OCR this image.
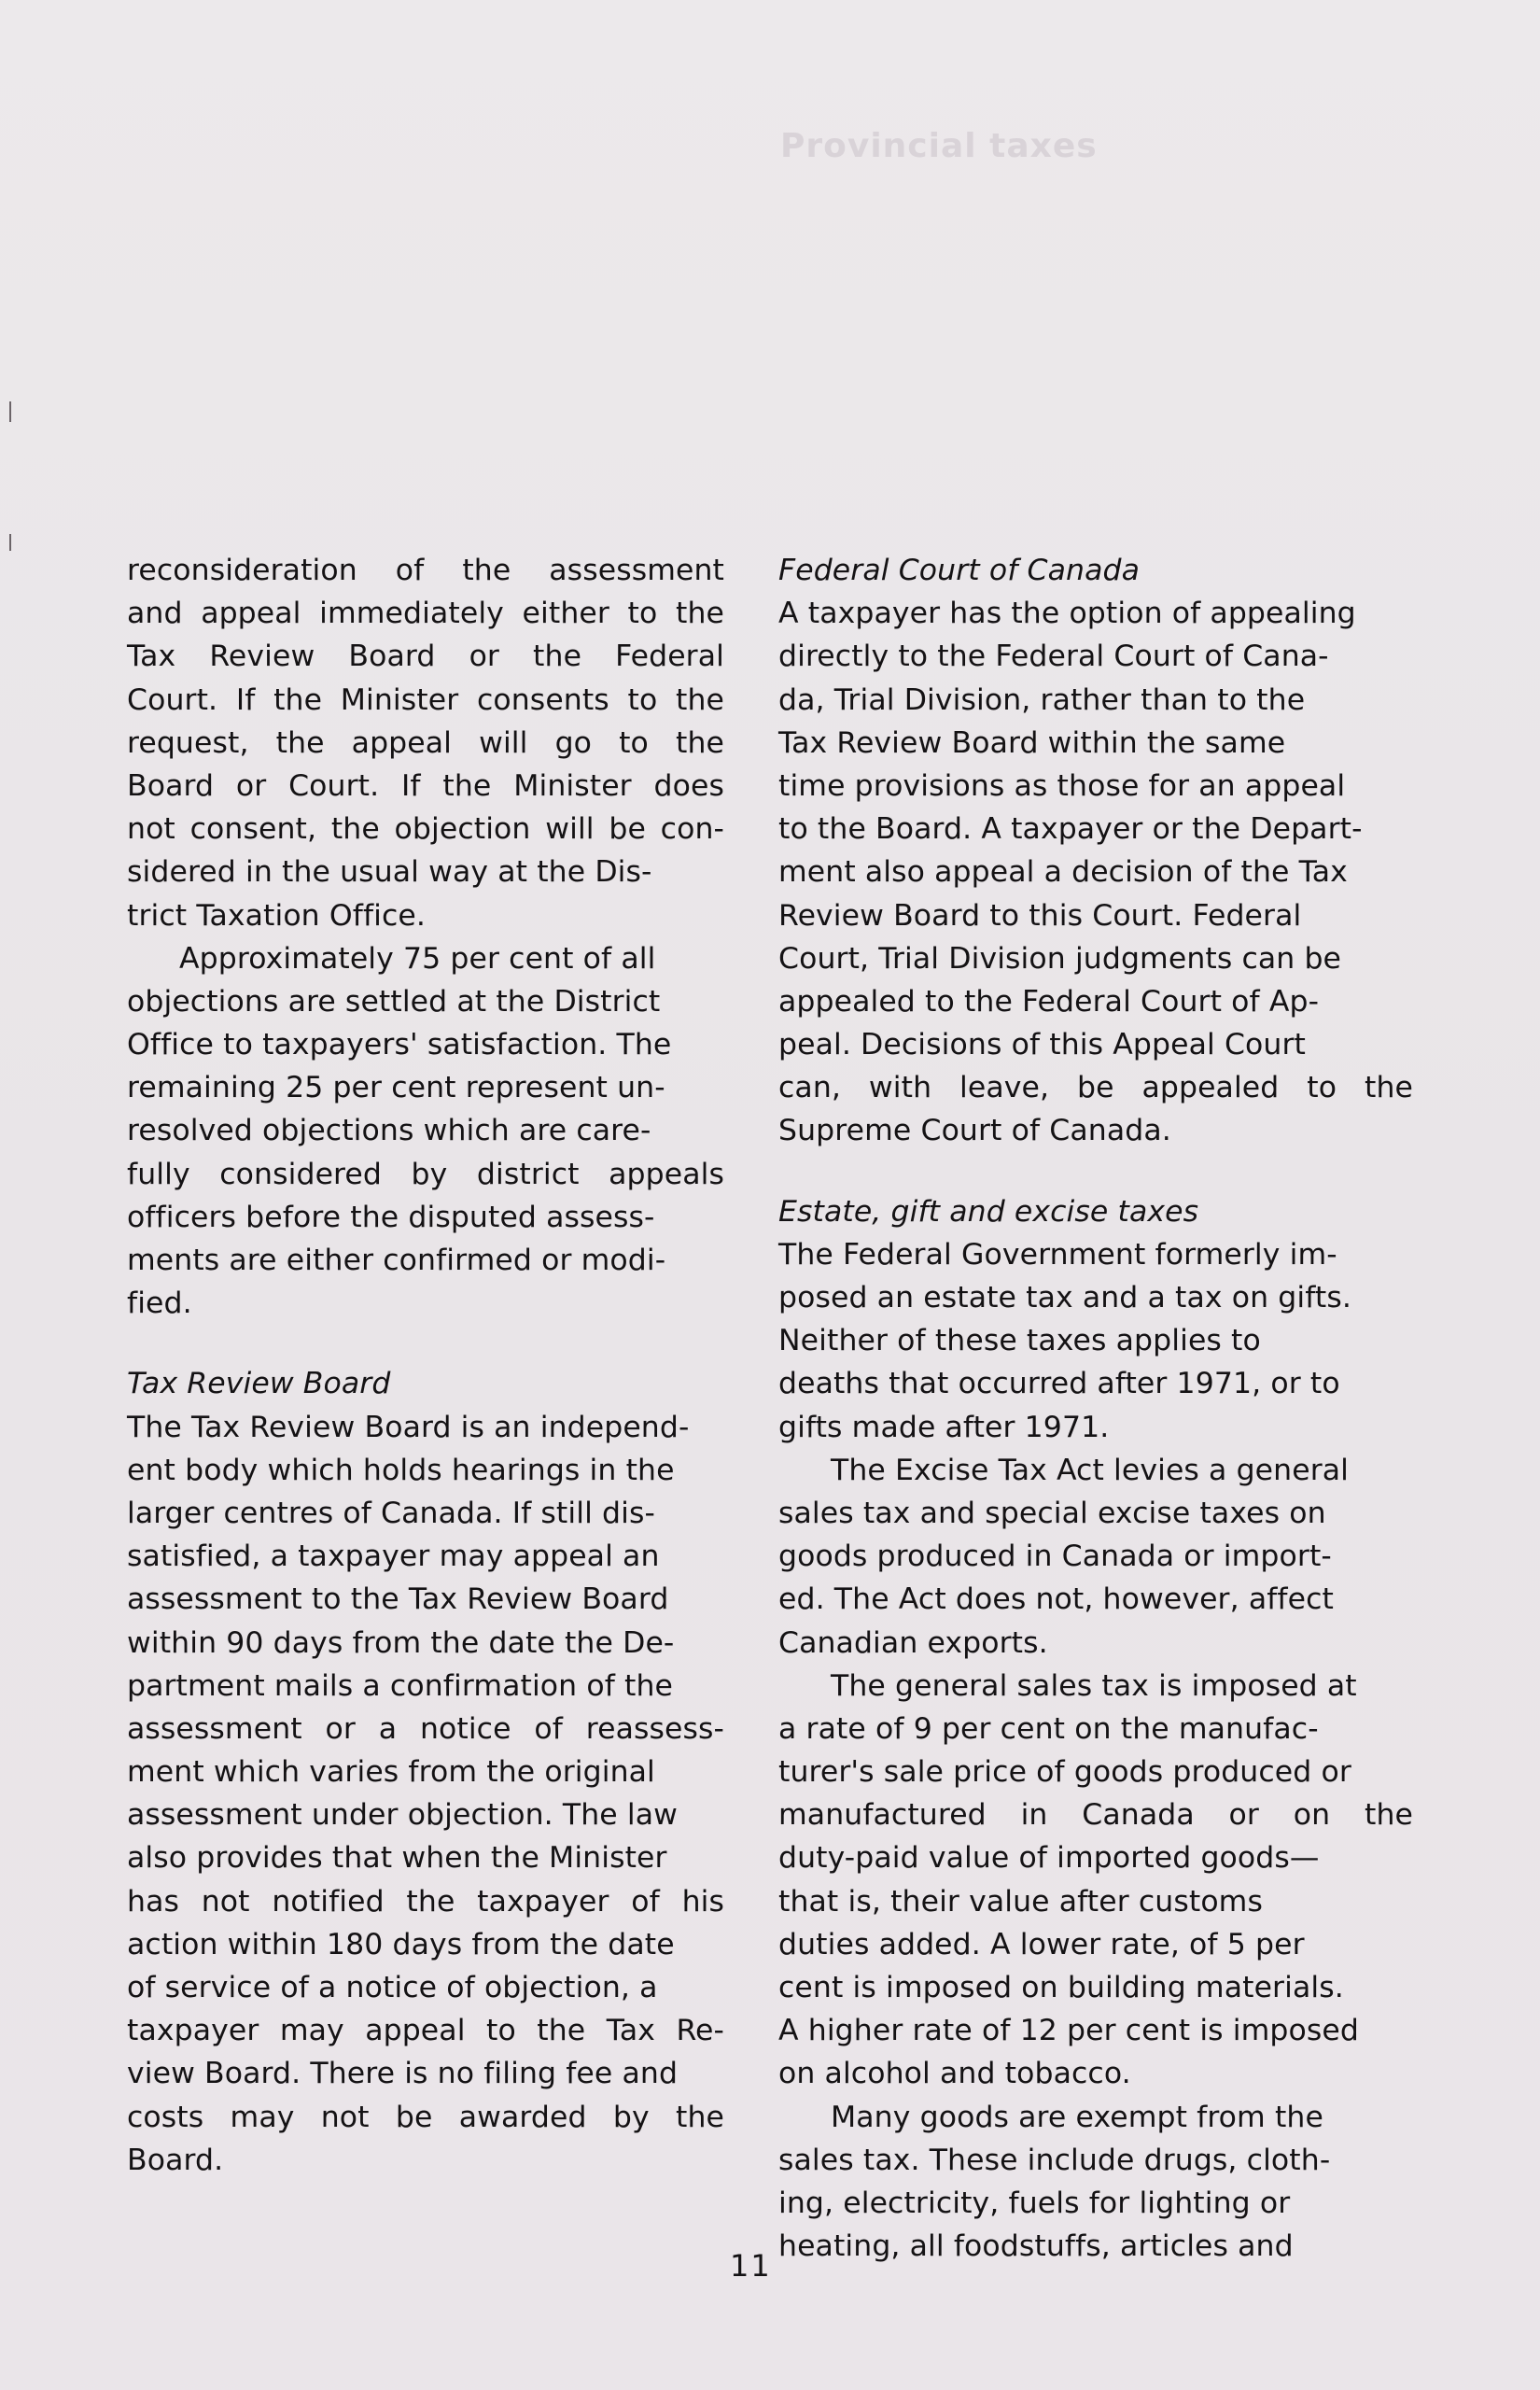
Provincial taxes
reconsideration of the assessment
and appeal immediately either to the
Tax Review Board or the Federal
Court. If the Minister consents to the
request, the appeal will go to the
Board or Court. If the Minister does
not consent, the objection will be con-
sidered in the usual way at the Dis-
trict Taxation Office.
Approximately 75 per cent of all
objections are settled at the District
Office to taxpayers' satisfaction. The
remaining 25 per cent represent un-
resolved objections which are care-
fully considered by district appeals
officers before the disputed assess-
ments are either confirmed or modi-
fied.
Tax Review Board
The Tax Review Board is an independ-
ent body which holds hearings in the
larger centres of Canada. If still dis-
satisfied, a taxpayer may appeal an
assessment to the Tax Review Board
within 90 days from the date the De-
partment mails a confirmation of the
assessment or a notice of reassess-
ment which varies from the original
assessment under objection. The law
also provides that when the Minister
has not notified the taxpayer of his
action within 180 days from the date
of service of a notice of objection, a
taxpayer may appeal to the Tax Re-
view Board. There is no filing fee and
costs may not be awarded by the
Board.
Federal Court of Canada
A taxpayer has the option of appealing
directly to the Federal Court of Cana-
da, Trial Division, rather than to the
Tax Review Board within the same
time provisions as those for an appeal
to the Board. A taxpayer or the Depart-
ment also appeal a decision of the Tax
Review Board to this Court. Federal
Court, Trial Division judgments can be
appealed to the Federal Court of Ap-
peal. Decisions of this Appeal Court
can, with leave, be appealed to the
Supreme Court of Canada.
Estate, gift and excise taxes
The Federal Government formerly im-
posed an estate tax and a tax on gifts.
Neither of these taxes applies to
deaths that occurred after 1971, or to
gifts made after 1971.
The Excise Tax Act levies a general
sales tax and special excise taxes on
goods produced in Canada or import-
ed. The Act does not, however, affect
Canadian exports.
The general sales tax is imposed at
a rate of 9 per cent on the manufac-
turer's sale price of goods produced or
manufactured in Canada or on the
duty-paid value of imported goods—
that is, their value after customs
duties added. A lower rate, of 5 per
cent is imposed on building materials.
A higher rate of 12 per cent is imposed
on alcohol and tobacco.
Many goods are exempt from the
sales tax. These include drugs, cloth-
ing, electricity, fuels for lighting or
heating, all foodstuffs, articles and
11
